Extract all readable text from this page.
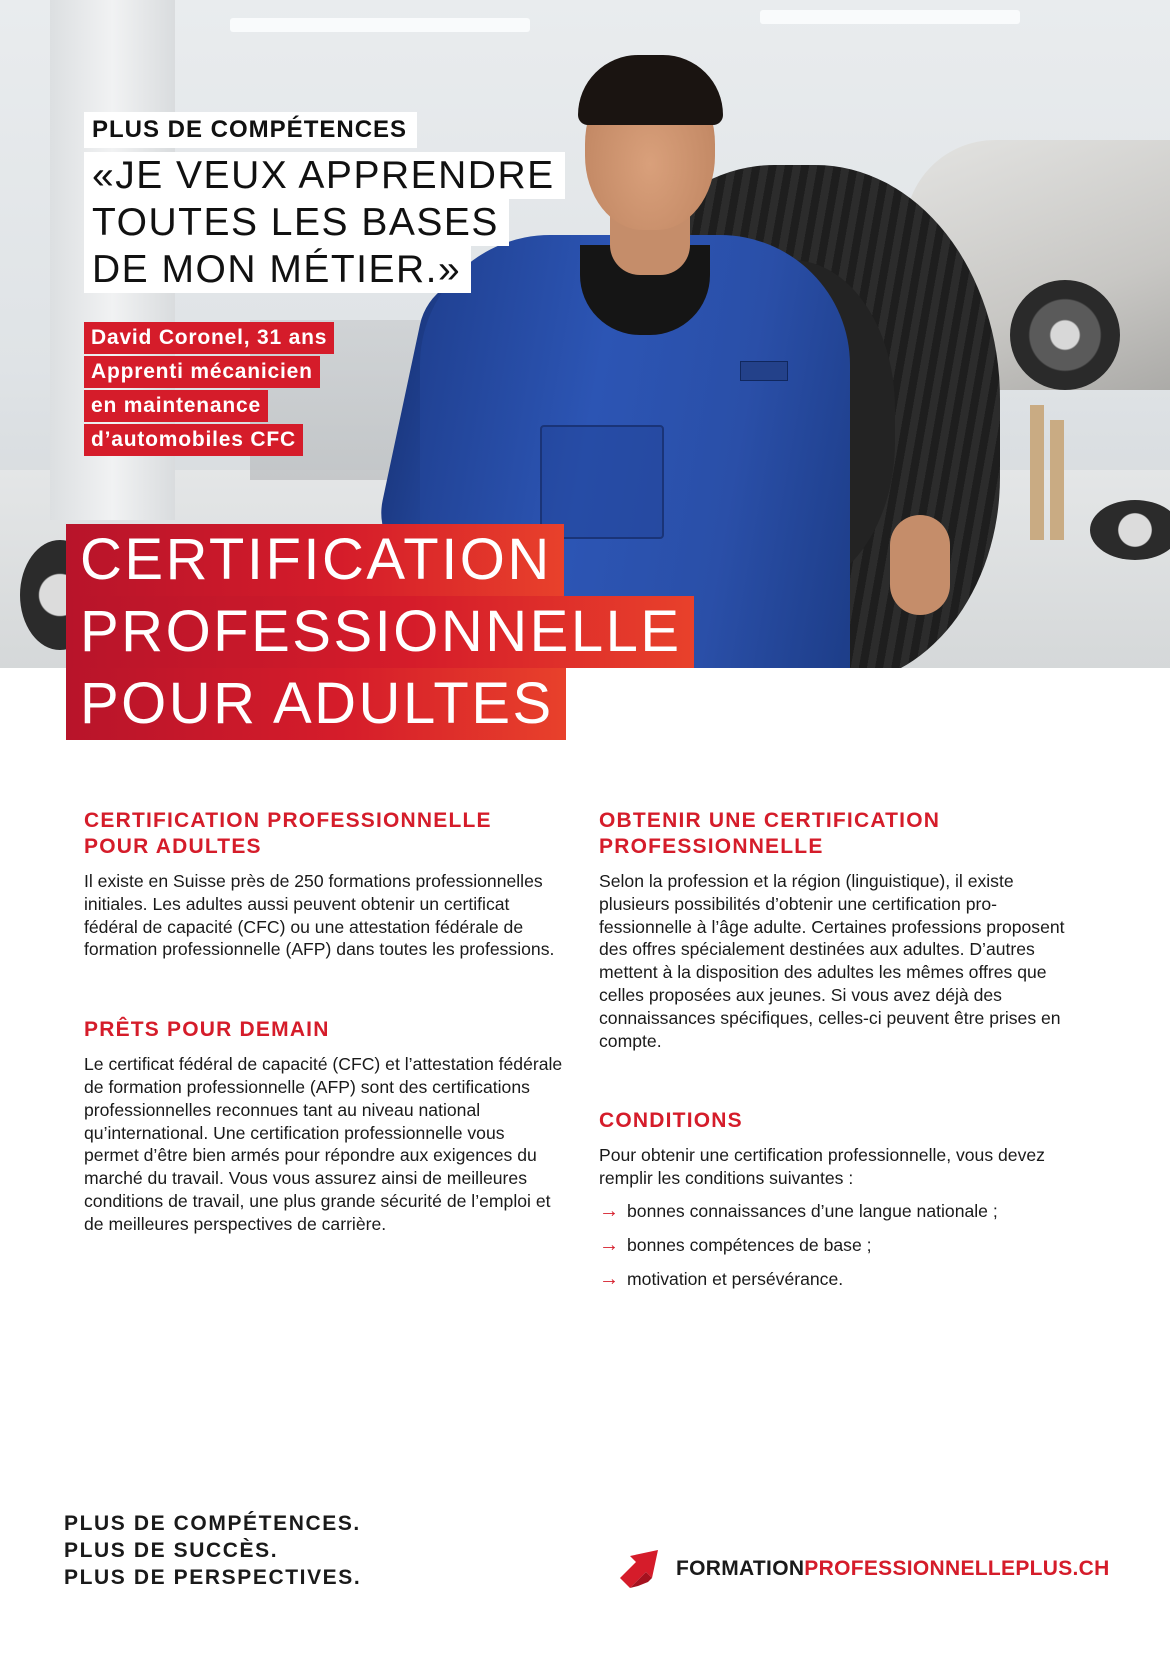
PLUS DE COMPÉTENCES
«JE VEUX APPRENDRE
TOUTES LES BASES
DE MON MÉTIER.»
David Coronel, 31 ans
Apprenti mécanicien
en maintenance
d’automobiles CFC
CERTIFICATION
PROFESSIONNELLE
POUR ADULTES
CERTIFICATION PROFESSIONNELLE
POUR ADULTES

Il existe en Suisse près de 250 formations professionnelles initiales. Les adultes aussi peuvent obtenir un certificat fédéral de capacité (CFC) ou une attestation fédérale de formation professionnelle (AFP) dans toutes les professions.

PRÊTS POUR DEMAIN

Le certificat fédéral de capacité (CFC) et l’attestation fédérale de formation professionnelle (AFP) sont des certifications professionnelles reconnues tant au niveau national qu’international. Une certification professionnelle vous permet d’être bien armés pour répondre aux exigences du marché du travail. Vous vous assurez ainsi de meilleures conditions de travail, une plus grande sécurité de l’emploi et de meilleures perspectives de carrière.

OBTENIR UNE CERTIFICATION
PROFESSIONNELLE

Selon la profession et la région (linguistique), il existe plusieurs possibilités d’obtenir une certification professionnelle à l’âge adulte. Certaines professions proposent des offres spécialement destinées aux adultes. D’autres mettent à la disposition des adultes les mêmes offres que celles proposées aux jeunes. Si vous avez déjà des connaissances spécifiques, celles-ci peuvent être prises en compte.

CONDITIONS

Pour obtenir une certification professionnelle, vous devez remplir les conditions suivantes :

→ bonnes connaissances d’une langue nationale ;
→ bonnes compétences de base ;
→ motivation et persévérance.
PLUS DE COMPÉTENCES.
PLUS DE SUCCÈS.
PLUS DE PERSPECTIVES.	FORMATIONPROFESSIONNELLEPLUS.CH
